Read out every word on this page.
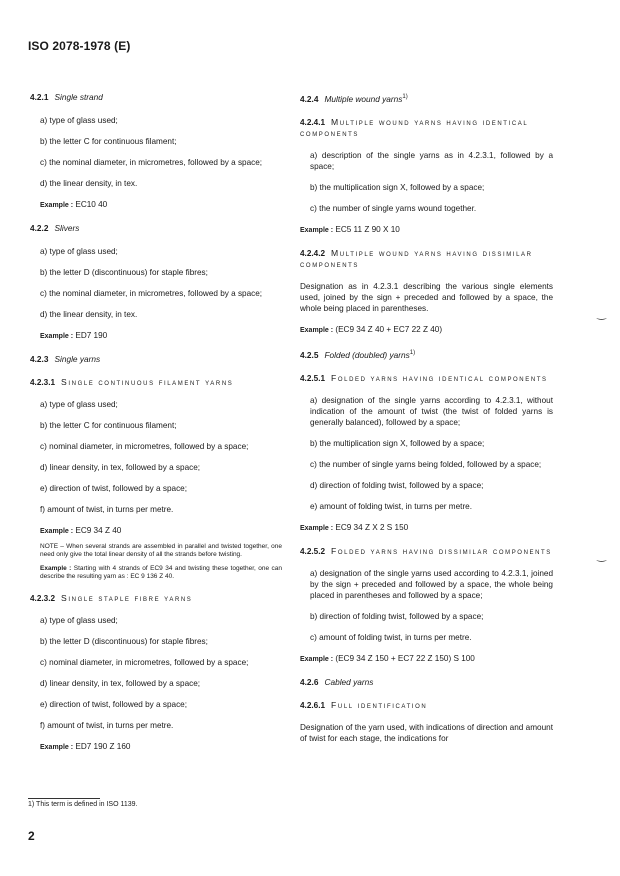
ISO 2078-1978 (E)
4.2.1 Single strand
a) type of glass used;
b) the letter C for continuous filament;
c) the nominal diameter, in micrometres, followed by a space;
d) the linear density, in tex.
Example : EC10 40
4.2.2 Slivers
a) type of glass used;
b) the letter D (discontinuous) for staple fibres;
c) the nominal diameter, in micrometres, followed by a space;
d) the linear density, in tex.
Example : ED7 190
4.2.3 Single yarns
4.2.3.1 Single continuous filament yarns
a) type of glass used;
b) the letter C for continuous filament;
c) nominal diameter, in micrometres, followed by a space;
d) linear density, in tex, followed by a space;
e) direction of twist, followed by a space;
f) amount of twist, in turns per metre.
Example : EC9 34 Z 40
NOTE – When several strands are assembled in parallel and twisted together, one need only give the total linear density of all the strands before twisting.
Example : Starting with 4 strands of EC9 34 and twisting these together, one can describe the resulting yarn as : EC 9 136 Z 40.
4.2.3.2 Single staple fibre yarns
a) type of glass used;
b) the letter D (discontinuous) for staple fibres;
c) nominal diameter, in micrometres, followed by a space;
d) linear density, in tex, followed by a space;
e) direction of twist, followed by a space;
f) amount of twist, in turns per metre.
Example : ED7 190 Z 160
4.2.4 Multiple wound yarns$^{1)}$
4.2.4.1 Multiple wound yarns having identical components
a) description of the single yarns as in 4.2.3.1, followed by a space;
b) the multiplication sign X, followed by a space;
c) the number of single yarns wound together.
Example : EC5 11 Z 90 X 10
4.2.4.2 Multiple wound yarns having dissimilar components
Designation as in 4.2.3.1 describing the various single elements used, joined by the sign + preceded and followed by a space, the whole being placed in parentheses.
Example : (EC9 34 Z 40 + EC7 22 Z 40)
4.2.5 Folded (doubled) yarns$^{1)}$
4.2.5.1 Folded yarns having identical components
a) designation of the single yarns according to 4.2.3.1, without indication of the amount of twist (the twist of folded yarns is generally balanced), followed by a space;
b) the multiplication sign X, followed by a space;
c) the number of single yarns being folded, followed by a space;
d) direction of folding twist, followed by a space;
e) amount of folding twist, in turns per metre.
Example : EC9 34 Z X 2 S 150
4.2.5.2 Folded yarns having dissimilar components
a) designation of the single yarns used according to 4.2.3.1, joined by the sign + preceded and followed by a space, the whole being placed in parentheses and followed by a space;
b) direction of folding twist, followed by a space;
c) amount of folding twist, in turns per metre.
Example : (EC9 34 Z 150 + EC7 22 Z 150) S 100
4.2.6 Cabled yarns
4.2.6.1 Full identification
Designation of the yarn used, with indications of direction and amount of twist for each stage, the indications for
‿
‿
1) This term is defined in ISO 1139.
2
